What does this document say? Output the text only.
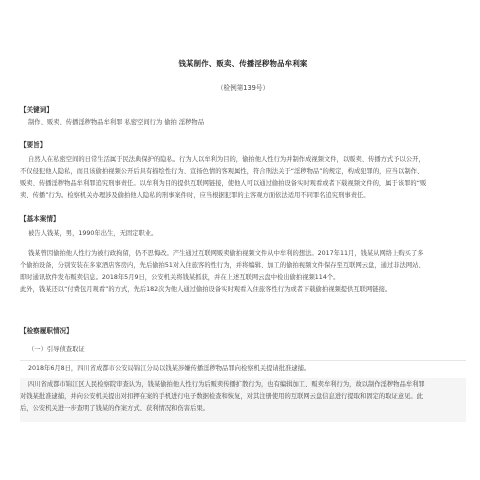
钱某制作、贩卖、传播淫秽物品牟利案
（检例第139号）
【关键词】
制作、贩卖、传播淫秽物品牟利罪 私密空间行为 偷拍 淫秽物品
【要旨】
自然人在私密空间的日常生活属于民法典保护的隐私。行为人以牟利为目的，偷拍他人性行为并制作成视频文件，以贩卖、传播方式予以公开，
不仅侵犯他人隐私，而且该偷拍视频公开后具有描绘性行为、宣扬色情的客观属性，符合刑法关于“淫秽物品”的规定，构成犯罪的，应当以制作、
贩卖、传播淫秽物品牟利罪追究刑事责任。以牟利为目的提供互联网链接，使他人可以通过偷拍设备实时观看或者下载视频文件的，属于该罪的“贩
卖、传播”行为。检察机关办理涉及偷拍他人隐私的刑事案件时，应当根据犯罪的主客观方面依法适用不同罪名追究刑事责任。
【基本案情】
被告人钱某，男，1990年出生，无固定职业。
钱某曾因偷拍他人性行为被行政拘留，仍不思悔改。产生通过互联网贩卖偷拍视频文件从中牟利的想法。2017年11月，钱某从网络上购买了多
个偷拍设备，分别安装在多家酒店客房内，先后偷拍51对入住旅客的性行为，并将编辑、加工的偷拍视频文件保存至互联网云盘，通过非法网站、
即时通讯软件发布贩卖信息。2018年5月9日，公安机关将钱某抓获，并在上述互联网云盘中检出偷拍视频114个。
此外，钱某还以“付费包月观看”的方式，先后182次为他人通过偷拍设备实时观看入住旅客性行为或者下载偷拍视频提供互联网链接。
【检察履职情况】
（一）引导侦查取证
2018年6月8日，四川省成都市公安局锦江分局以钱某涉嫌传播淫秽物品罪向检察机关提请批准逮捕。
四川省成都市锦江区人民检察院审查认为，钱某偷拍他人性行为后贩卖传播扩散行为，也有编辑加工、贩卖牟利行为，故以制作淫秽物品牟利罪
对钱某批准逮捕，并向公安机关提出对扣押在案的手机进行电子数据检查和恢复，对其注册使用的互联网云盘信息进行提取和固定的取证意见。此
后，公安机关进一步查明了钱某的作案方式、获利情况和伤害后果。
